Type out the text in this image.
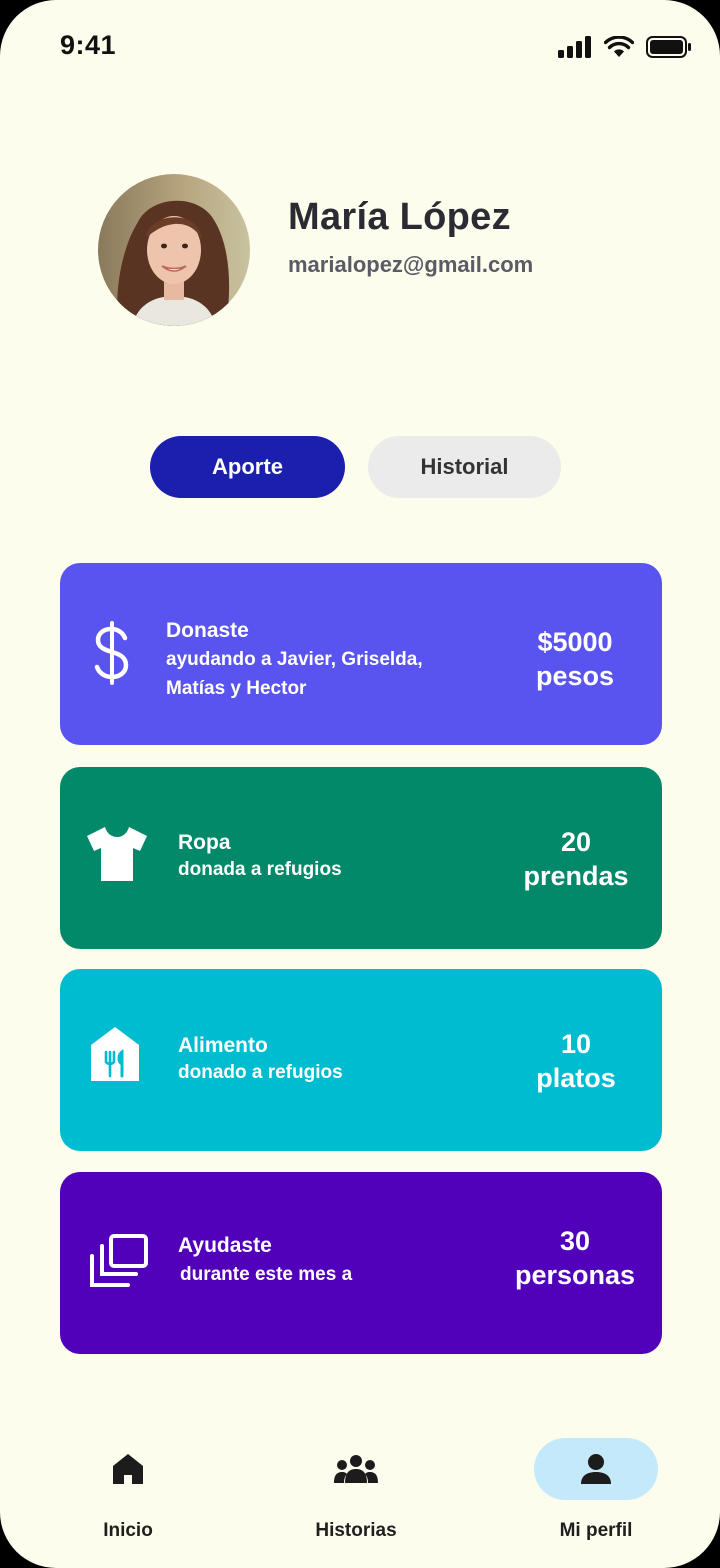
9:41
María López
marialopez@gmail.com
Aporte	Historial
Donaste
ayudando a Javier, Griselda, Matías y Hector
$5000
pesos
Ropa
donada a refugios
20
prendas
Alimento
donado a refugios
10
platos
Ayudaste
durante este mes a
30
personas
Inicio	Historias	Mi perfil
